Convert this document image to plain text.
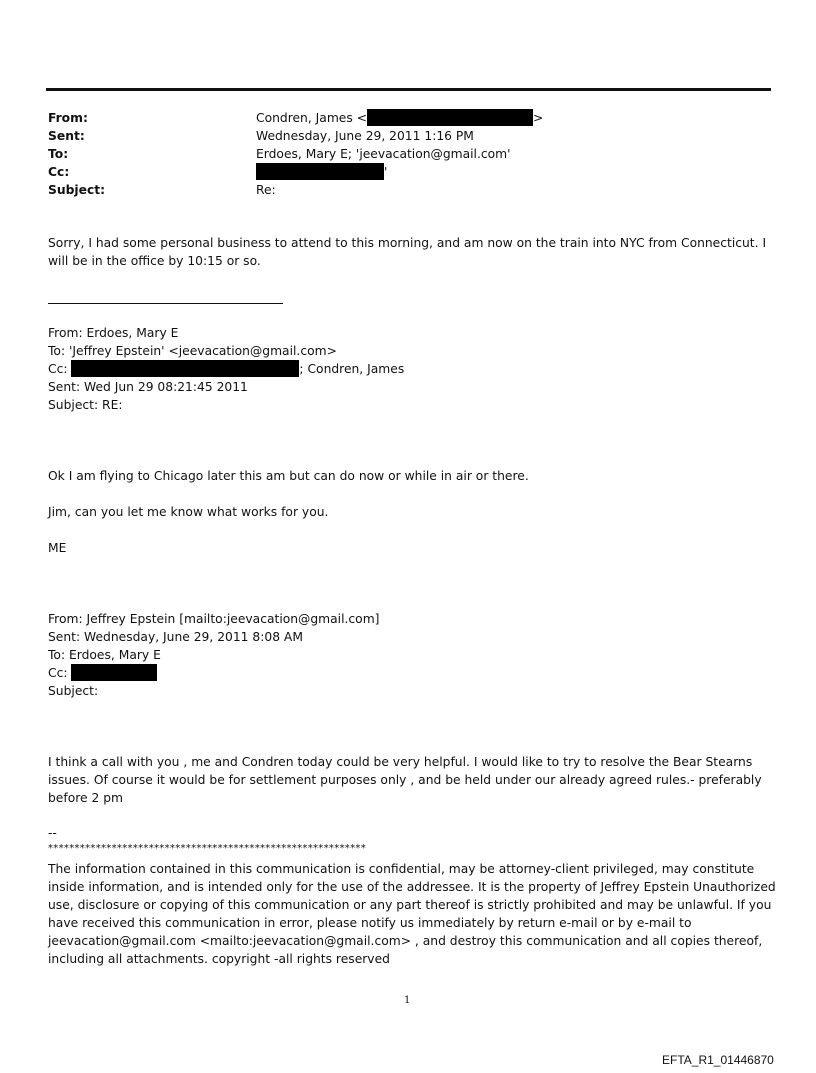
From:	Condren, James <	>
Sent:	Wednesday, June 29, 2011 1:16 PM
To:	Erdoes, Mary E; 'jeevacation@gmail.com'
Cc:	'
Subject:	Re:
Sorry, I had some personal business to attend to this morning, and am now on the train into NYC from Connecticut. I will be in the office by 10:15 or so.
From: Erdoes, Mary E
To: 'Jeffrey Epstein' <jeevacation@gmail.com>
Cc:	; Condren, James
Sent: Wed Jun 29 08:21:45 2011
Subject: RE:
Ok I am flying to Chicago later this am but can do now or while in air or there.
Jim, can you let me know what works for you.
ME
From: Jeffrey Epstein [mailto:jeevacation@gmail.com]
Sent: Wednesday, June 29, 2011 8:08 AM
To: Erdoes, Mary E
Cc:
Subject:
I think a call with you , me and Condren today could be very helpful. I would like to try to resolve the Bear Stearns issues. Of course it would be for settlement purposes only , and be held under our already agreed rules.- preferably before 2 pm
--
************************************************************
The information contained in this communication is confidential, may be attorney-client privileged, may constitute inside information, and is intended only for the use of the addressee. It is the property of Jeffrey Epstein Unauthorized use, disclosure or copying of this communication or any part thereof is strictly prohibited and may be unlawful. If you have received this communication in error, please notify us immediately by return e-mail or by e-mail to jeevacation@gmail.com <mailto:jeevacation@gmail.com> , and destroy this communication and all copies thereof, including all attachments. copyright -all rights reserved
1
EFTA_R1_01446870
